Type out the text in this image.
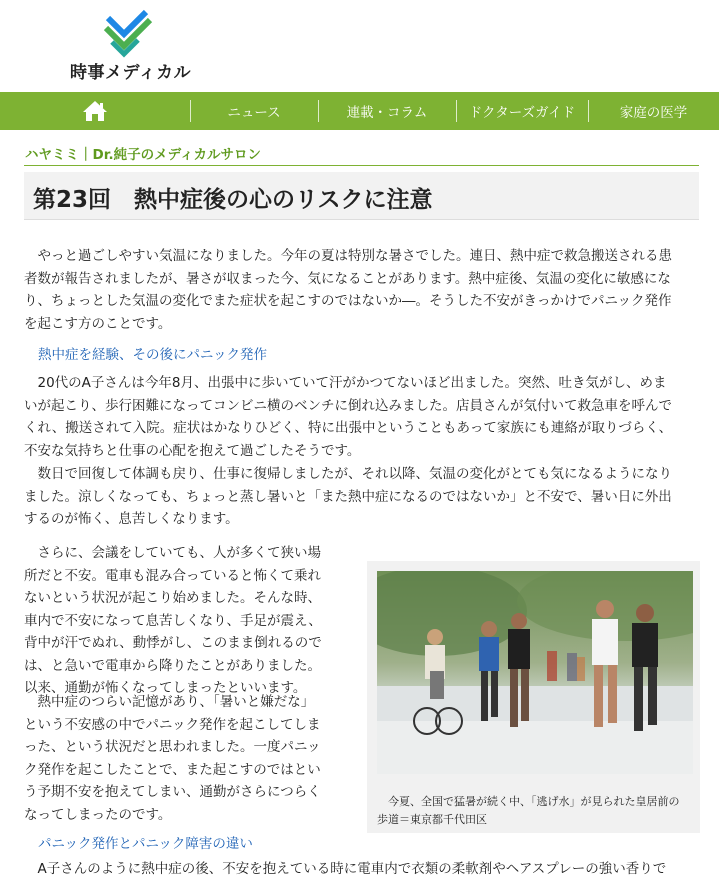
時事メディカル
ニュース	連載・コラム	ドクターズガイド	家庭の医学
ハヤミミ｜Dr.純子のメディカルサロン
第23回　熱中症後の心のリスクに注意
　やっと過ごしやすい気温になりました。今年の夏は特別な暑さでした。連日、熱中症で救急搬送される患
者数が報告されましたが、暑さが収まった今、気になることがあります。熱中症後、気温の変化に敏感にな
り、ちょっとした気温の変化でまた症状を起こすのではないか―。そうした不安がきっかけでパニック発作
を起こす方のことです。
熱中症を経験、その後にパニック発作
　20代のA子さんは今年8月、出張中に歩いていて汗がかつてないほど出ました。突然、吐き気がし、めま
いが起こり、歩行困難になってコンビニ横のベンチに倒れ込みました。店員さんが気付いて救急車を呼んで
くれ、搬送されて入院。症状はかなりひどく、特に出張中ということもあって家族にも連絡が取りづらく、
不安な気持ちと仕事の心配を抱えて過ごしたそうです。
　数日で回復して体調も戻り、仕事に復帰しましたが、それ以降、気温の変化がとても気になるようになり
ました。涼しくなっても、ちょっと蒸し暑いと「また熱中症になるのではないか」と不安で、暑い日に外出
するのが怖く、息苦しくなります。
　さらに、会議をしていても、人が多くて狭い場
所だと不安。電車も混み合っていると怖くて乗れ
ないという状況が起こり始めました。そんな時、
車内で不安になって息苦しくなり、手足が震え、
背中が汗でぬれ、動悸がし、このまま倒れるので
は、と急いで電車から降りたことがありました。
以来、通勤が怖くなってしまったといいます。
　熱中症のつらい記憶があり、「暑いと嫌だな」
という不安感の中でパニック発作を起こしてしま
った、という状況だと思われました。一度パニッ
ク発作を起こしたことで、また起こすのではとい
う予期不安を抱えてしまい、通勤がさらにつらく
なってしまったのです。
パニック発作とパニック障害の違い
　A子さんのように熱中症の後、不安を抱えている時に電車内で衣類の柔軟剤やヘアスプレーの強い香りで
　今夏、全国で猛暑が続く中、「逃げ水」が見られた皇居前の
歩道＝東京都千代田区
